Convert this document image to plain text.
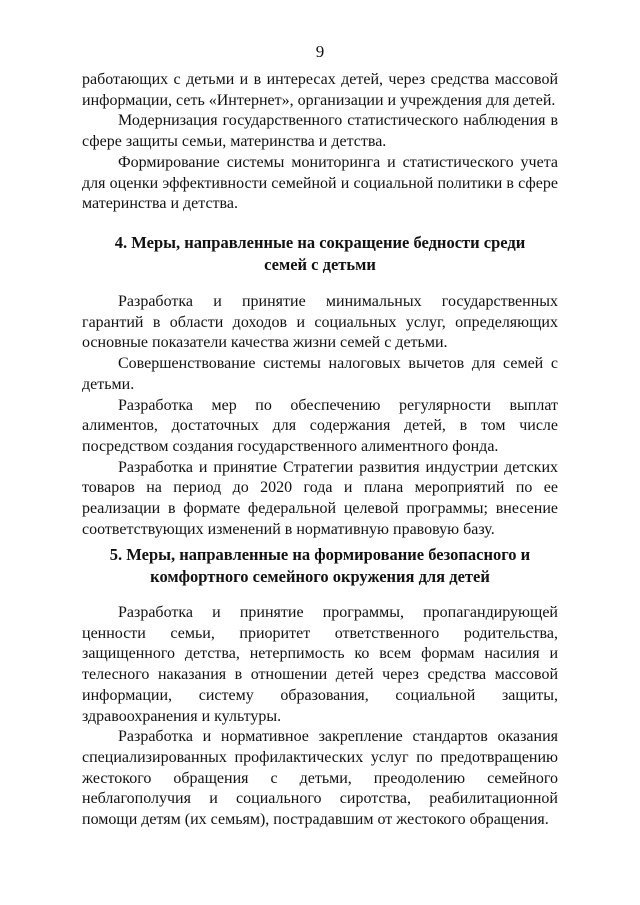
9

работающих с детьми и в интересах детей, через средства массовой информации, сеть «Интернет», организации и учреждения для детей.

Модернизация государственного статистического наблюдения в сфере защиты семьи, материнства и детства.

Формирование системы мониторинга и статистического учета для оценки эффективности семейной и социальной политики в сфере материнства и детства.

4. Меры, направленные на сокращение бедности среди семей с детьми

Разработка и принятие минимальных государственных гарантий в области доходов и социальных услуг, определяющих основные показатели качества жизни семей с детьми.

Совершенствование системы налоговых вычетов для семей с детьми.

Разработка мер по обеспечению регулярности выплат алиментов, достаточных для содержания детей, в том числе посредством создания государственного алиментного фонда.

Разработка и принятие Стратегии развития индустрии детских товаров на период до 2020 года и плана мероприятий по ее реализации в формате федеральной целевой программы; внесение соответствующих изменений в нормативную правовую базу.

5. Меры, направленные на формирование безопасного и комфортного семейного окружения для детей

Разработка и принятие программы, пропагандирующей ценности семьи, приоритет ответственного родительства, защищенного детства, нетерпимость ко всем формам насилия и телесного наказания в отношении детей через средства массовой информации, систему образования, социальной защиты, здравоохранения и культуры.

Разработка и нормативное закрепление стандартов оказания специализированных профилактических услуг по предотвращению жестокого обращения с детьми, преодолению семейного неблагополучия и социального сиротства, реабилитационной помощи детям (их семьям), пострадавшим от жестокого обращения.
